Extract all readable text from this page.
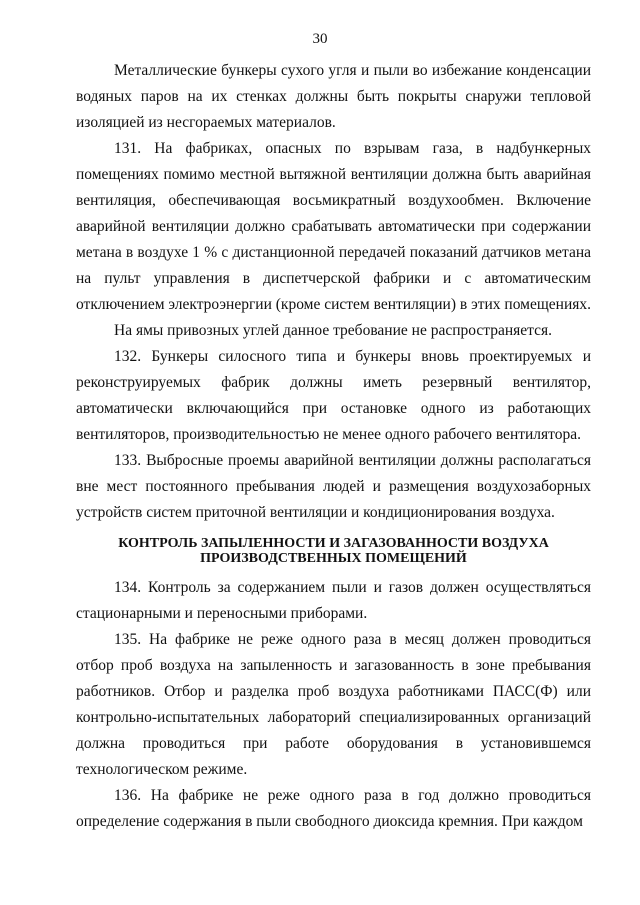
30

Металлические бункеры сухого угля и пыли во избежание конденсации водяных паров на их стенках должны быть покрыты снаружи тепловой изоляцией из несгораемых материалов.

131. На фабриках, опасных по взрывам газа, в надбункерных помещениях помимо местной вытяжной вентиляции должна быть аварийная вентиляция, обеспечивающая восьмикратный воздухообмен. Включение аварийной вентиляции должно срабатывать автоматически при содержании метана в воздухе 1 % с дистанционной передачей показаний датчиков метана на пульт управления в диспетчерской фабрики и с автоматическим отключением электроэнергии (кроме систем вентиляции) в этих помещениях.

На ямы привозных углей данное требование не распространяется.

132. Бункеры силосного типа и бункеры вновь проектируемых и реконструируемых фабрик должны иметь резервный вентилятор, автоматически включающийся при остановке одного из работающих вентиляторов, производительностью не менее одного рабочего вентилятора.

133. Выбросные проемы аварийной вентиляции должны располагаться вне мест постоянного пребывания людей и размещения воздухозаборных устройств систем приточной вентиляции и кондиционирования воздуха.

КОНТРОЛЬ ЗАПЫЛЕННОСТИ И ЗАГАЗОВАННОСТИ ВОЗДУХА
ПРОИЗВОДСТВЕННЫХ ПОМЕЩЕНИЙ

134. Контроль за содержанием пыли и газов должен осуществляться стационарными и переносными приборами.

135. На фабрике не реже одного раза в месяц должен проводиться отбор проб воздуха на запыленность и загазованность в зоне пребывания работников. Отбор и разделка проб воздуха работниками ПАСС(Ф) или контрольно-испытательных лабораторий специализированных организаций должна проводиться при работе оборудования в установившемся технологическом режиме.

136. На фабрике не реже одного раза в год должно проводиться определение содержания в пыли свободного диоксида кремния. При каждом
